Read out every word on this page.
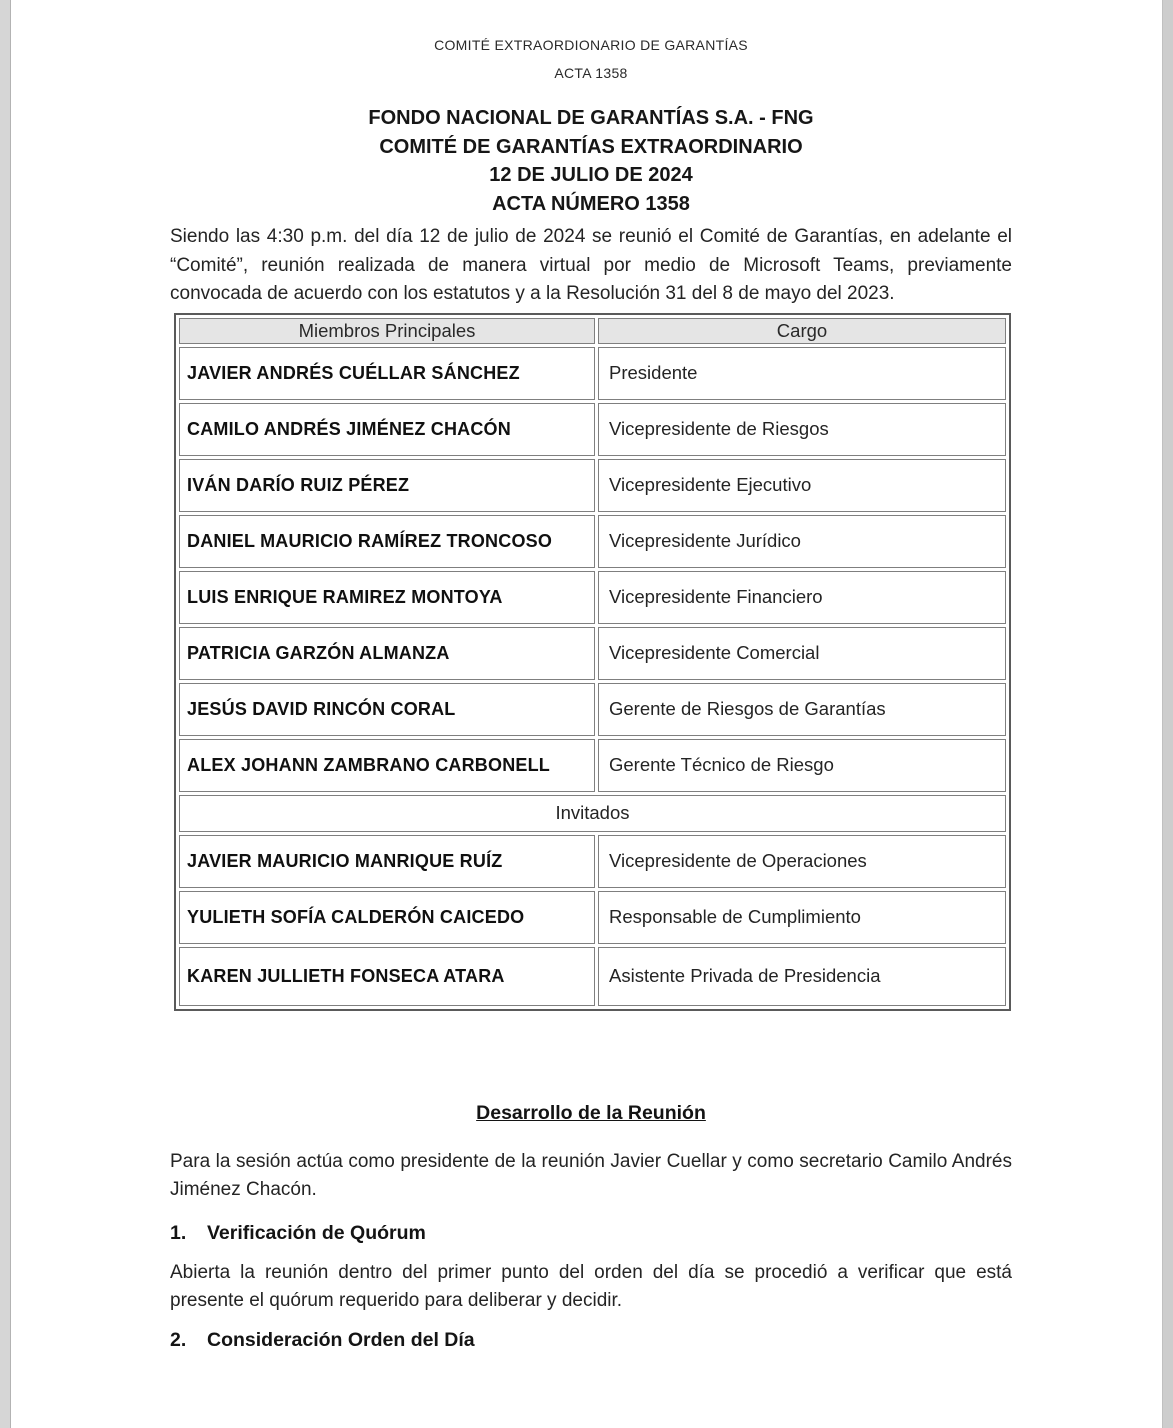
COMITÉ EXTRAORDIONARIO DE GARANTÍAS
ACTA 1358
FONDO NACIONAL DE GARANTÍAS S.A. - FNG
COMITÉ DE GARANTÍAS EXTRAORDINARIO
12 DE JULIO DE 2024
ACTA NÚMERO 1358

Siendo las 4:30 p.m. del día 12 de julio de 2024 se reunió el Comité de Garantías, en adelante el “Comité”, reunión realizada de manera virtual por medio de Microsoft Teams, previamente convocada de acuerdo con los estatutos y a la Resolución 31 del 8 de mayo del 2023.

Miembros Principales	Cargo
JAVIER ANDRÉS CUÉLLAR SÁNCHEZ	Presidente
CAMILO ANDRÉS JIMÉNEZ CHACÓN	Vicepresidente de Riesgos
IVÁN DARÍO RUIZ PÉREZ	Vicepresidente Ejecutivo
DANIEL MAURICIO RAMÍREZ TRONCOSO	Vicepresidente Jurídico
LUIS ENRIQUE RAMIREZ MONTOYA	Vicepresidente Financiero
PATRICIA GARZÓN ALMANZA	Vicepresidente Comercial
JESÚS DAVID RINCÓN CORAL	Gerente de Riesgos de Garantías
ALEX JOHANN ZAMBRANO CARBONELL	Gerente Técnico de Riesgo
Invitados	
JAVIER MAURICIO MANRIQUE RUÍZ	Vicepresidente de Operaciones
YULIETH SOFÍA CALDERÓN CAICEDO	Responsable de Cumplimiento
KAREN JULLIETH FONSECA ATARA	Asistente Privada de Presidencia
Desarrollo de la Reunión

Para la sesión actúa como presidente de la reunión Javier Cuellar y como secretario Camilo Andrés Jiménez Chacón.

1.	Verificación de Quórum

Abierta la reunión dentro del primer punto del orden del día se procedió a verificar que está presente el quórum requerido para deliberar y decidir.

2.	Consideración Orden del Día
